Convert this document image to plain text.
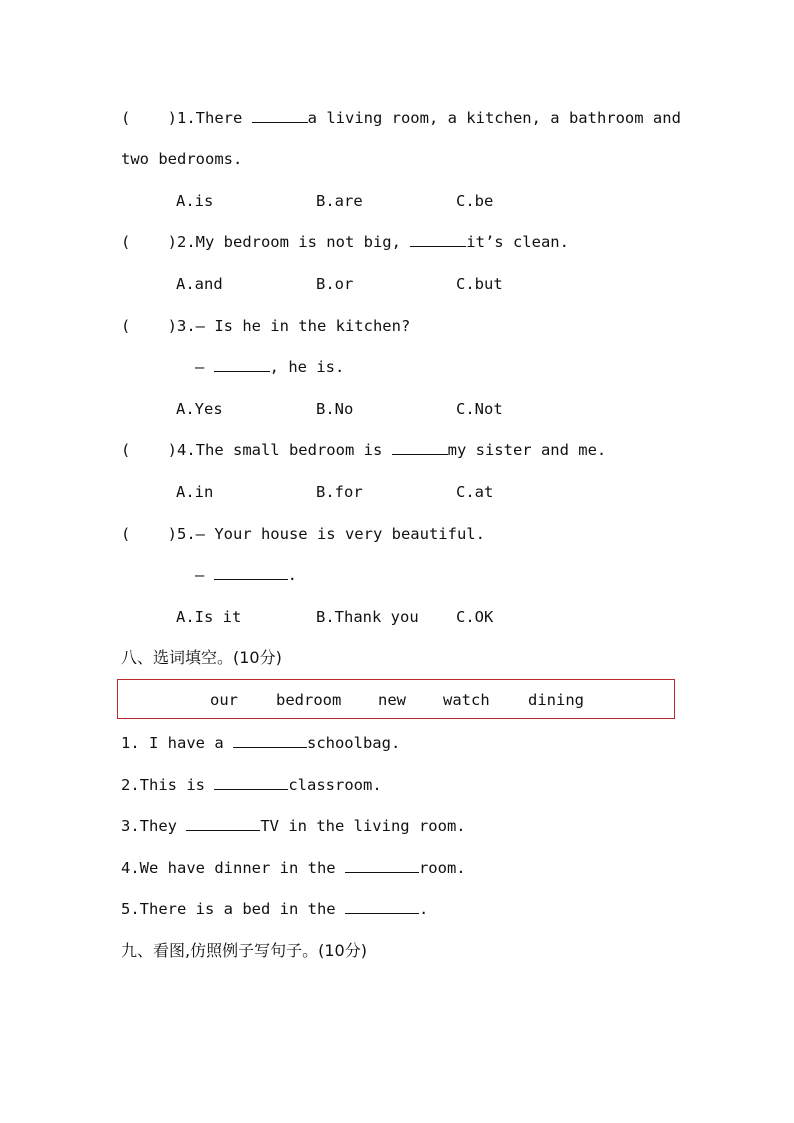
(    )1.There	a living room, a kitchen, a bathroom and
two bedrooms.
A.is	B.are	C.be
(    )2.My bedroom is not big,	it’s clean.
A.and	B.or	C.but
(    )3.— Is he in the kitchen?
—	, he is.
A.Yes	B.No	C.Not
(    )4.The small bedroom is	my sister and me.
A.in	B.for	C.at
(    )5.— Your house is very beautiful.
—	.
A.Is it	B.Thank you C.OK
八、选词填空。(10分)
our bedroom new watch dining
1. I have a	schoolbag.
2.This is	classroom.
3.They	TV in the living room.
4.We have dinner in the	room.
5.There is a bed in the	.
九、看图,仿照例子写句子。(10分)
